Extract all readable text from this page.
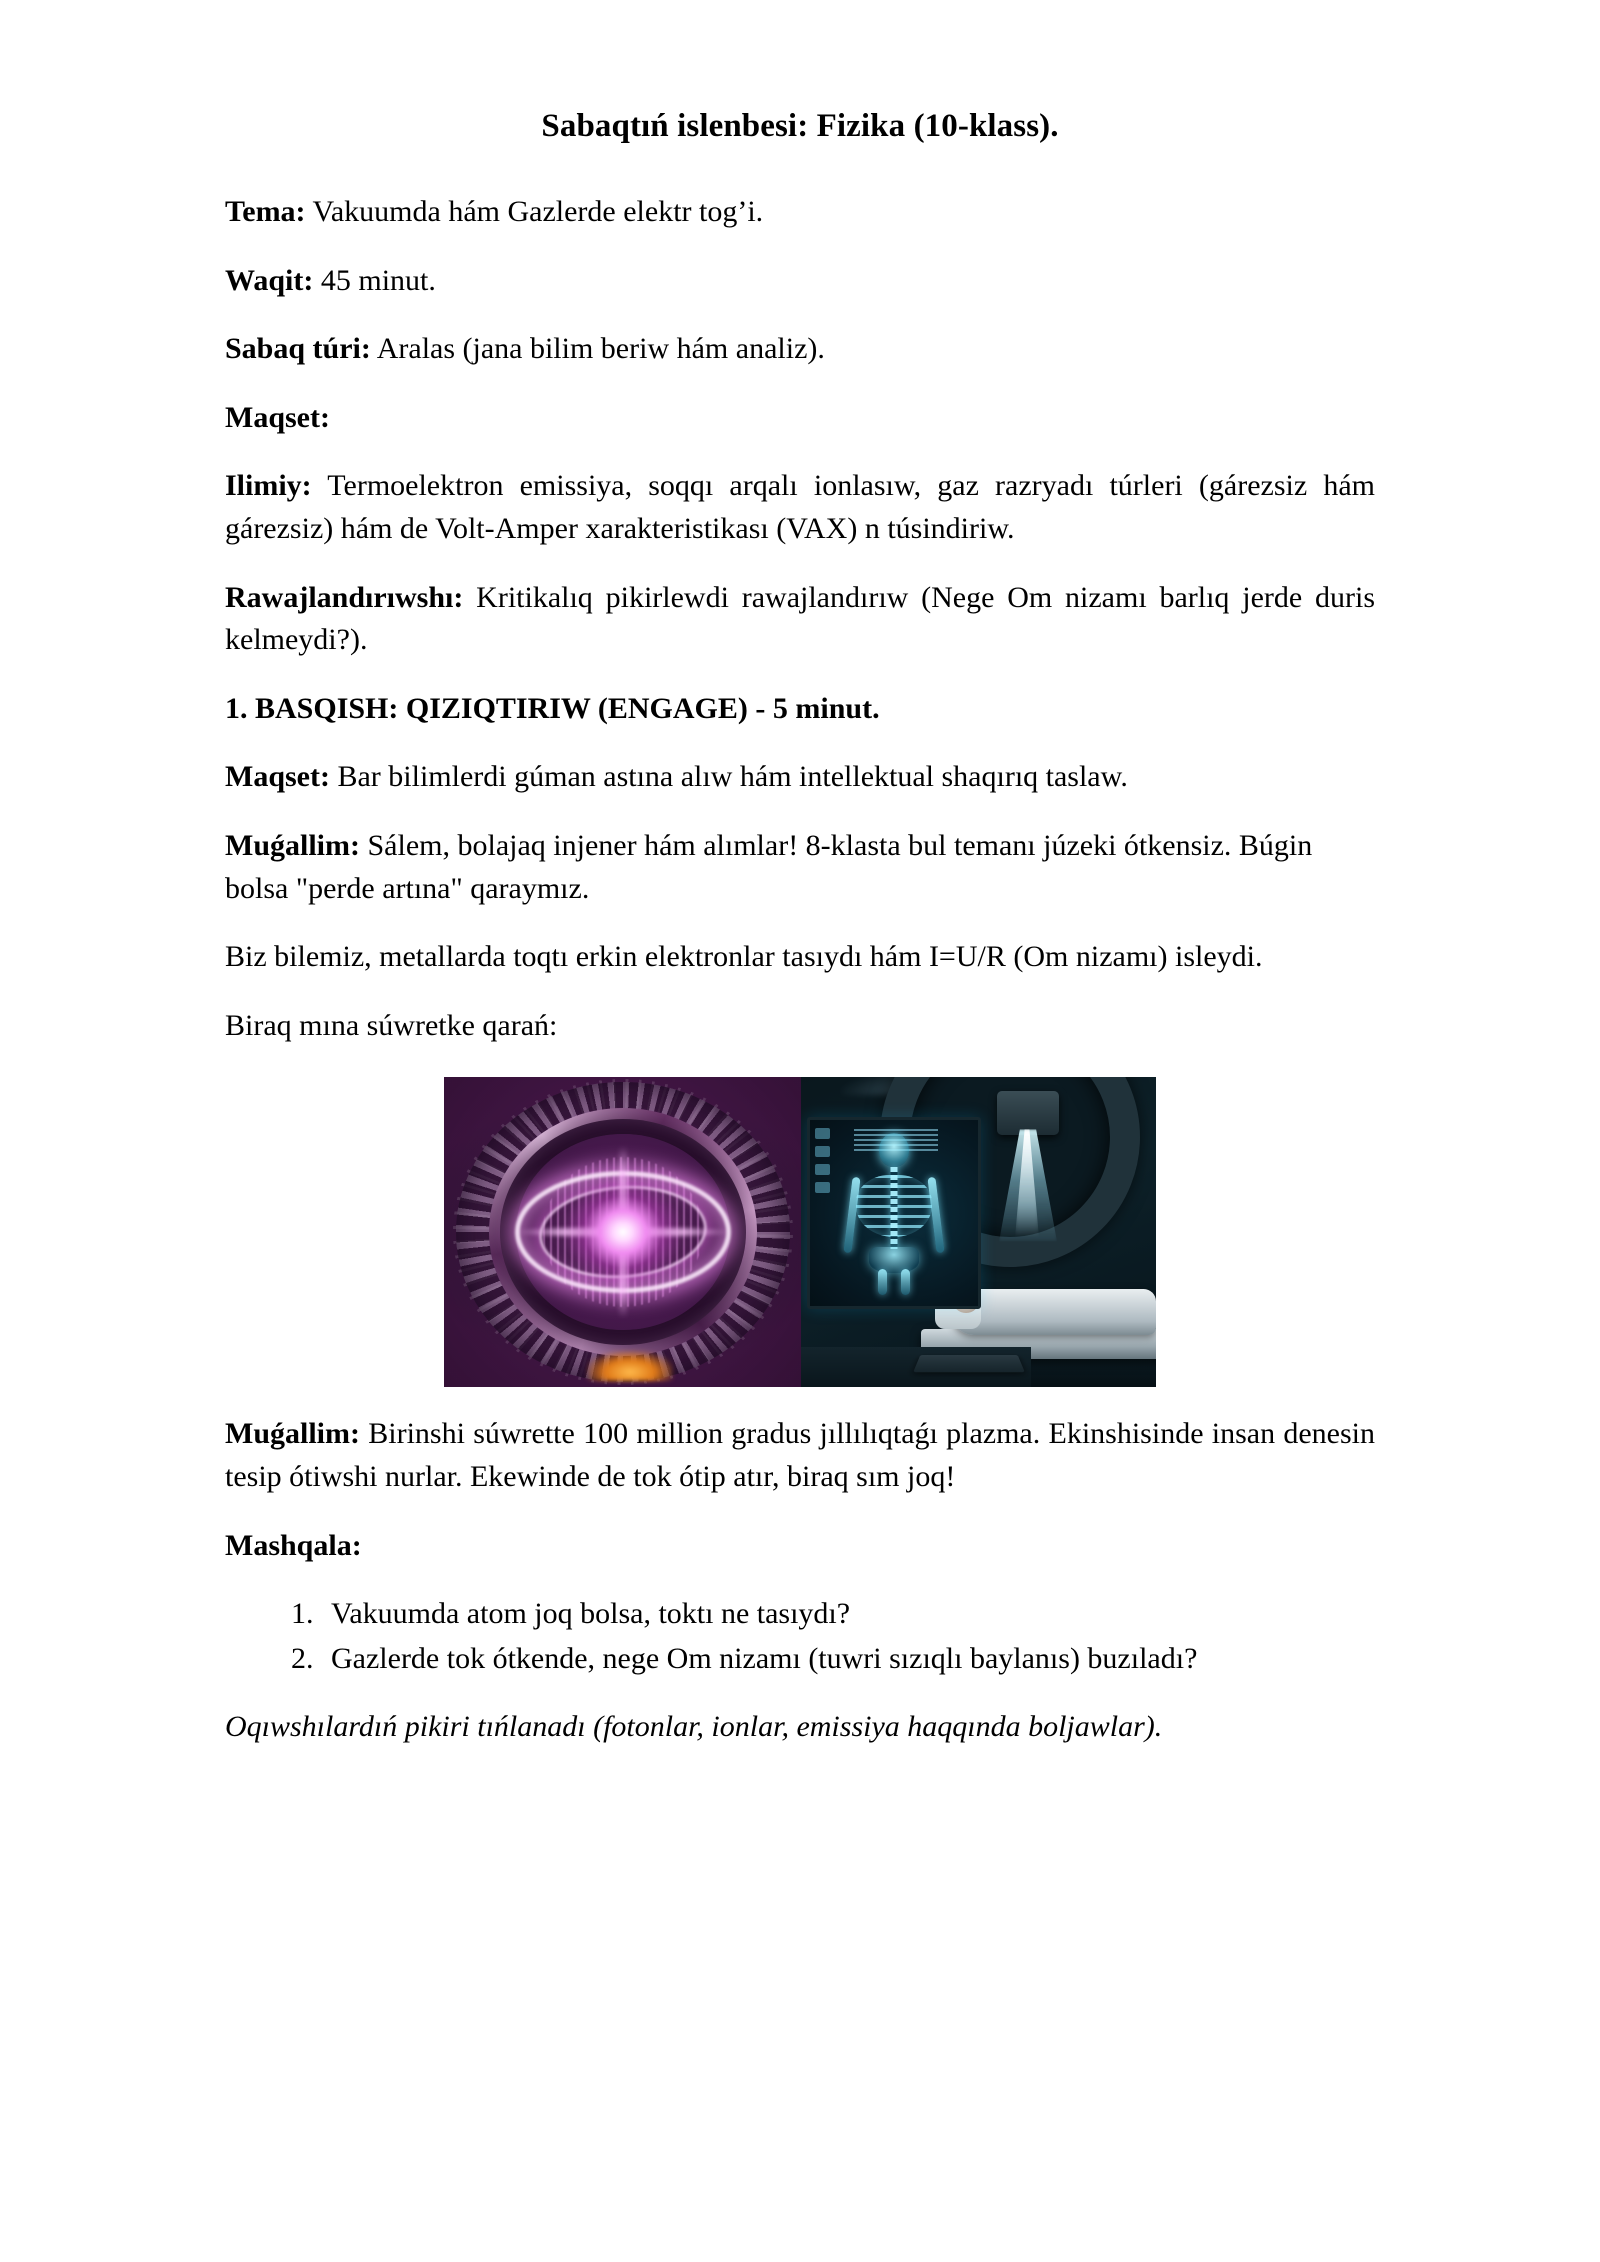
Sabaqtıń islenbesi: Fizika (10-klass).

Tema: Vakuumda hám Gazlerde elektr tog’i.

Waqit: 45 minut.

Sabaq túri: Aralas (jana bilim beriw hám analiz).

Maqset:

Ilimiy: Termoelektron emissiya, soqqı arqalı ionlasıw, gaz razryadı túrleri (gárezsiz hám gárezsiz) hám de Volt-Amper xarakteristikası (VAX) n túsindiriw.

Rawajlandırıwshı: Kritikalıq pikirlewdi rawajlandırıw (Nege Om nizamı barlıq jerde duris kelmeydi?).

1. BASQISH: QIZIQTIRIW (ENGAGE) - 5 minut.

Maqset: Bar bilimlerdi gúman astına alıw hám intellektual shaqırıq taslaw.

Muǵallim: Sálem, bolajaq injener hám alımlar! 8-klasta bul temanı júzeki ótkensiz. Búgin bolsa "perde artına" qaraymız.

Biz bilemiz, metallarda toqtı erkin elektronlar tasıydı hám I=U/R (Om nizamı) isleydi.

Biraq mına súwretke qarań:

Muǵallim: Birinshi súwrette 100 million gradus jıllılıqtaǵı plazma. Ekinshisinde insan denesin tesip ótiwshi nurlar. Ekewinde de tok ótip atır, biraq sım joq!

Mashqala:

1. Vakuumda atom joq bolsa, toktı ne tasıydı?
2. Gazlerde tok ótkende, nege Om nizamı (tuwri sızıqlı baylanıs) buzıladı?

Oqıwshılardıń pikiri tıńlanadı (fotonlar, ionlar, emissiya haqqında boljawlar).
